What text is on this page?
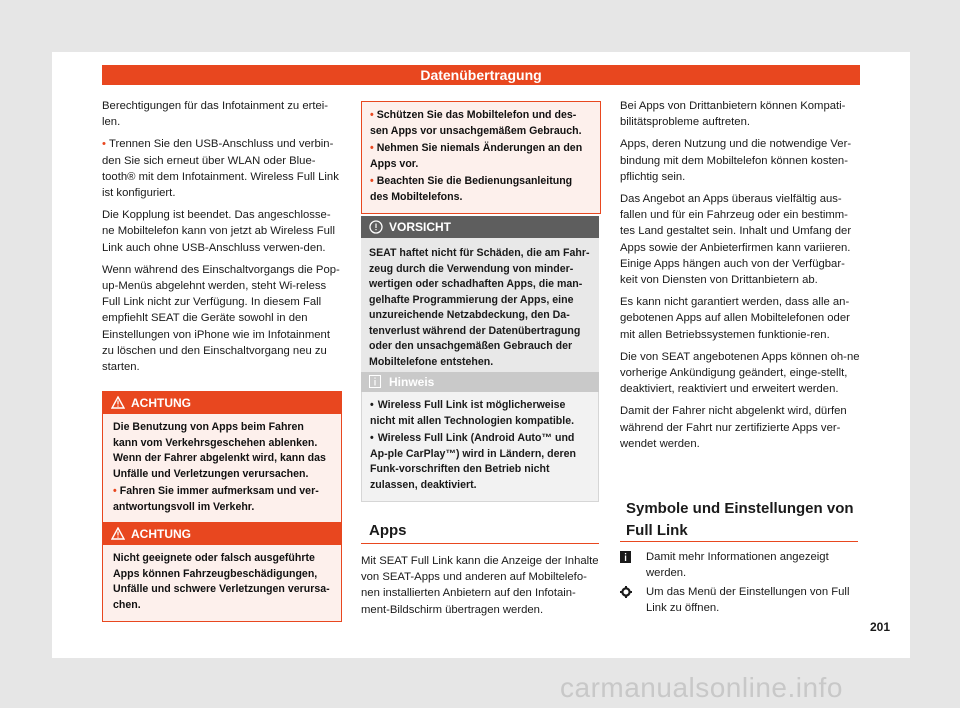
Datenübertragung

Berechtigungen für das Infotainment zu ertei-len.

• Trennen Sie den USB-Anschluss und verbin-den Sie sich erneut über WLAN oder Blue-tooth® mit dem Infotainment. Wireless Full Link ist konfiguriert.

Die Kopplung ist beendet. Das angeschlosse-ne Mobiltelefon kann von jetzt ab Wireless Full Link auch ohne USB-Anschluss verwen-den.

Wenn während des Einschaltvorgangs die Pop-up-Menüs abgelehnt werden, steht Wi-reless Full Link nicht zur Verfügung. In diesem Fall empfiehlt SEAT die Geräte sowohl in den Einstellungen von iPhone wie im Infotainment zu löschen und den Einschaltvorgang neu zu starten.

ACHTUNG

Die Benutzung von Apps beim Fahren kann vom Verkehrsgeschehen ablenken. Wenn der Fahrer abgelenkt wird, kann das Unfälle und Verletzungen verursachen.

• Fahren Sie immer aufmerksam und ver-antwortungsvoll im Verkehr.

ACHTUNG

Nicht geeignete oder falsch ausgeführte Apps können Fahrzeugbeschädigungen, Unfälle und schwere Verletzungen verursa-chen.

• Schützen Sie das Mobiltelefon und des-sen Apps vor unsachgemäßem Gebrauch.

• Nehmen Sie niemals Änderungen an den Apps vor.

• Beachten Sie die Bedienungsanleitung des Mobiltelefons.

VORSICHT
SEAT haftet nicht für Schäden, die am Fahr-zeug durch die Verwendung von minder-wertigen oder schadhaften Apps, die man-gelhafte Programmierung der Apps, eine unzureichende Netzabdeckung, den Da-tenverlust während der Datenübertragung oder den unsachgemäßen Gebrauch der Mobiltelefone entstehen.
Hinweis

• Wireless Full Link ist möglicherweise nicht mit allen Technologien kompatible.

• Wireless Full Link (Android Auto™ und Ap-ple CarPlay™) wird in Ländern, deren Funk-vorschriften den Betrieb nicht zulassen, deaktiviert.

Apps
Mit SEAT Full Link kann die Anzeige der Inhalte von SEAT-Apps und anderen auf Mobiltelefo-nen installierten Anbietern auf den Infotain-ment-Bildschirm übertragen werden.

Bei Apps von Drittanbietern können Kompati-bilitätsprobleme auftreten.

Apps, deren Nutzung und die notwendige Ver-bindung mit dem Mobiltelefon können kosten-pflichtig sein.

Das Angebot an Apps überaus vielfältig aus-fallen und für ein Fahrzeug oder ein bestimm-tes Land gestaltet sein. Inhalt und Umfang der Apps sowie der Anbieterfirmen kann variieren. Einige Apps hängen auch von der Verfügbar-keit von Diensten von Drittanbietern ab.

Es kann nicht garantiert werden, dass alle an-gebotenen Apps auf allen Mobiltelefonen oder mit allen Betriebssystemen funktionie-ren.

Die von SEAT angebotenen Apps können oh-ne vorherige Ankündigung geändert, einge-stellt, deaktiviert, reaktiviert und erweitert werden.

Damit der Fahrer nicht abgelenkt wird, dürfen während der Fahrt nur zertifizierte Apps ver-wendet werden.

Symbole und Einstellungen von Full Link
Damit mehr Informationen angezeigt werden.
Um das Menü der Einstellungen von Full Link zu öffnen.
201
carmanualsonline.info
